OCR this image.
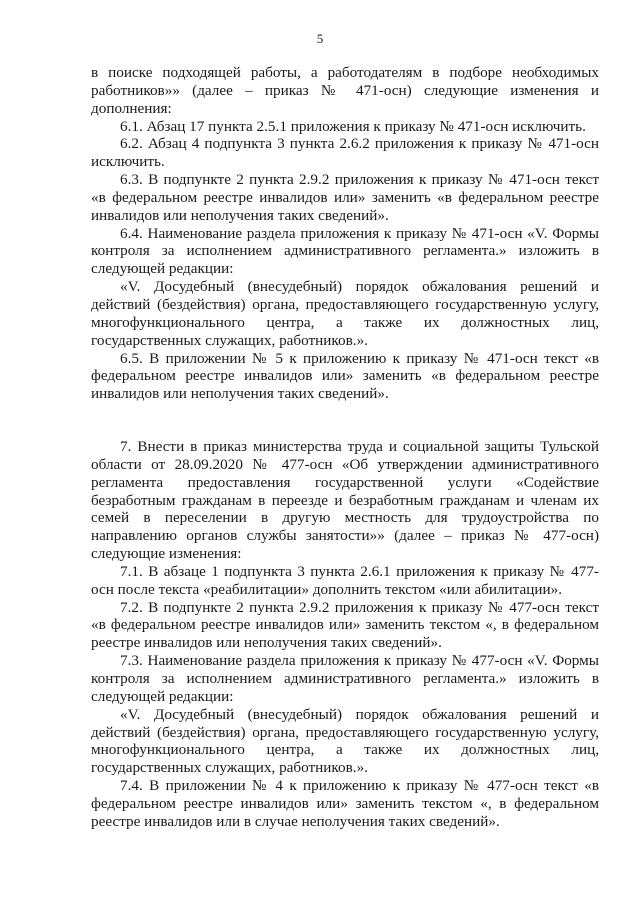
5

в поиске подходящей работы, а работодателям в подборе необходимых работников»» (далее – приказ № 471-осн) следующие изменения и дополнения:

6.1. Абзац 17 пункта 2.5.1 приложения к приказу № 471-осн исключить.

6.2. Абзац 4 подпункта 3 пункта 2.6.2 приложения к приказу № 471-осн исключить.

6.3. В подпункте 2 пункта 2.9.2 приложения к приказу № 471-осн текст «в федеральном реестре инвалидов или» заменить «в федеральном реестре инвалидов или неполучения таких сведений».

6.4. Наименование раздела приложения к приказу № 471-осн «V. Формы контроля за исполнением административного регламента.» изложить в следующей редакции:

«V. Досудебный (внесудебный) порядок обжалования решений и действий (бездействия) органа, предоставляющего государственную услугу, многофункционального центра, а также их должностных лиц, государственных служащих, работников.».

6.5. В приложении № 5 к приложению к приказу № 471-осн текст «в федеральном реестре инвалидов или» заменить «в федеральном реестре инвалидов или неполучения таких сведений».

7. Внести в приказ министерства труда и социальной защиты Тульской области от 28.09.2020 № 477-осн «Об утверждении административного регламента предоставления государственной услуги «Содействие безработным гражданам в переезде и безработным гражданам и членам их семей в переселении в другую местность для трудоустройства по направлению органов службы занятости»» (далее – приказ № 477-осн) следующие изменения:

7.1. В абзаце 1 подпункта 3 пункта 2.6.1 приложения к приказу № 477-осн после текста «реабилитации» дополнить текстом «или абилитации».

7.2. В подпункте 2 пункта 2.9.2 приложения к приказу № 477-осн текст «в федеральном реестре инвалидов или» заменить текстом «, в федеральном реестре инвалидов или неполучения таких сведений».

7.3. Наименование раздела приложения к приказу № 477-осн «V. Формы контроля за исполнением административного регламента.» изложить в следующей редакции:

«V. Досудебный (внесудебный) порядок обжалования решений и действий (бездействия) органа, предоставляющего государственную услугу, многофункционального центра, а также их должностных лиц, государственных служащих, работников.».

7.4. В приложении № 4 к приложению к приказу № 477-осн текст «в федеральном реестре инвалидов или» заменить текстом «, в федеральном реестре инвалидов или в случае неполучения таких сведений».
